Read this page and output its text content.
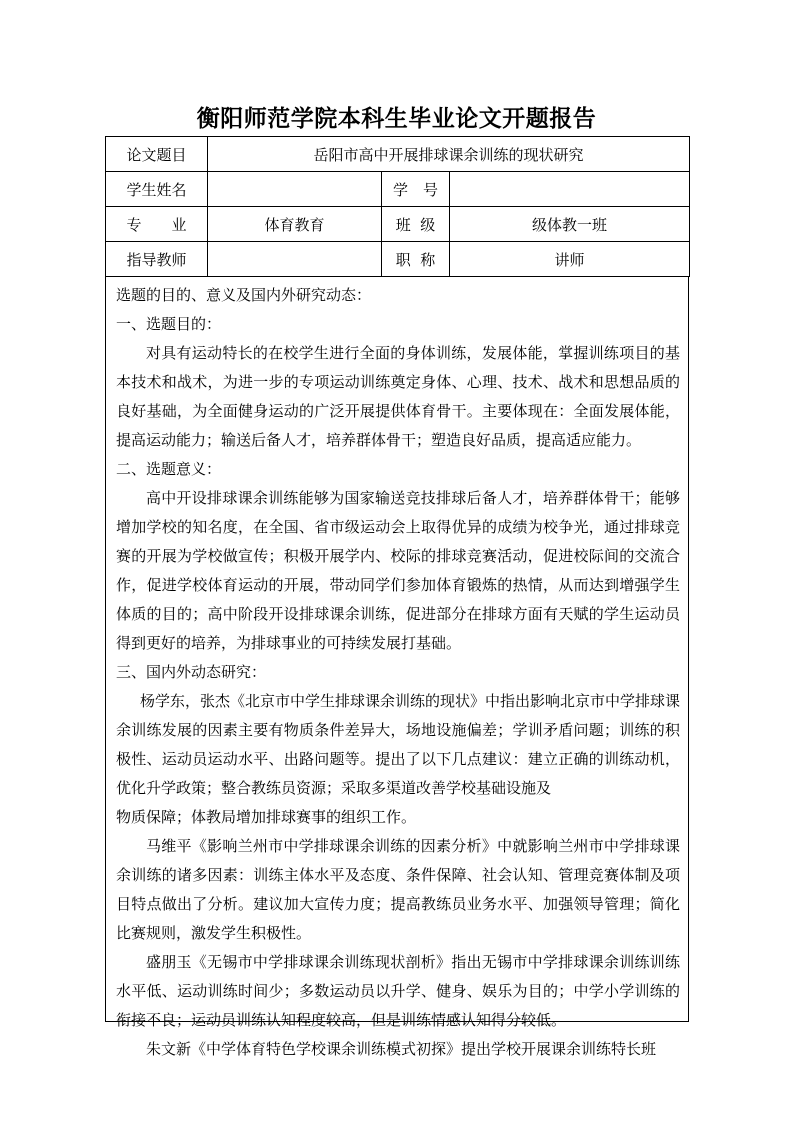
衡阳师范学院本科生毕业论文开题报告
论文题目	岳阳市高中开展排球课余训练的现状研究		
学生姓名		学　号	
专　　业	体育教育	班  级	级体教一班
指导教师		职  称	讲师

选题的目的、意义及国内外研究动态：

一、选题目的：

对具有运动特长的在校学生进行全面的身体训练，发展体能，掌握训练项目的基本技术和战术，为进一步的专项运动训练奠定身体、心理、技术、战术和思想品质的良好基础，为全面健身运动的广泛开展提供体育骨干。主要体现在：全面发展体能，提高运动能力；输送后备人才，培养群体骨干；塑造良好品质，提高适应能力。

二、选题意义：

高中开设排球课余训练能够为国家输送竞技排球后备人才，培养群体骨干；能够增加学校的知名度，在全国、省市级运动会上取得优异的成绩为校争光，通过排球竞赛的开展为学校做宣传；积极开展学内、校际的排球竞赛活动，促进校际间的交流合作，促进学校体育运动的开展，带动同学们参加体育锻炼的热情，从而达到增强学生体质的目的；高中阶段开设排球课余训练，促进部分在排球方面有天赋的学生运动员得到更好的培养，为排球事业的可持续发展打基础。

三、国内外动态研究：

杨学东，张杰《北京市中学生排球课余训练的现状》中指出影响北京市中学排球课余训练发展的因素主要有物质条件差异大，场地设施偏差；学训矛盾问题；训练的积极性、运动员运动水平、出路问题等。提出了以下几点建议：建立正确的训练动机，优化升学政策；整合教练员资源；采取多渠道改善学校基础设施及

物质保障；体教局增加排球赛事的组织工作。

马维平《影响兰州市中学排球课余训练的因素分析》中就影响兰州市中学排球课余训练的诸多因素：训练主体水平及态度、条件保障、社会认知、管理竞赛体制及项目特点做出了分析。建议加大宣传力度；提高教练员业务水平、加强领导管理；简化比赛规则，激发学生积极性。

盛朋玉《无锡市中学排球课余训练现状剖析》指出无锡市中学排球课余训练训练水平低、运动训练时间少；多数运动员以升学、健身、娱乐为目的；中学小学训练的衔接不良；运动员训练认知程度较高，但是训练情感认知得分较低。

朱文新《中学体育特色学校课余训练模式初探》提出学校开展课余训练特长班
